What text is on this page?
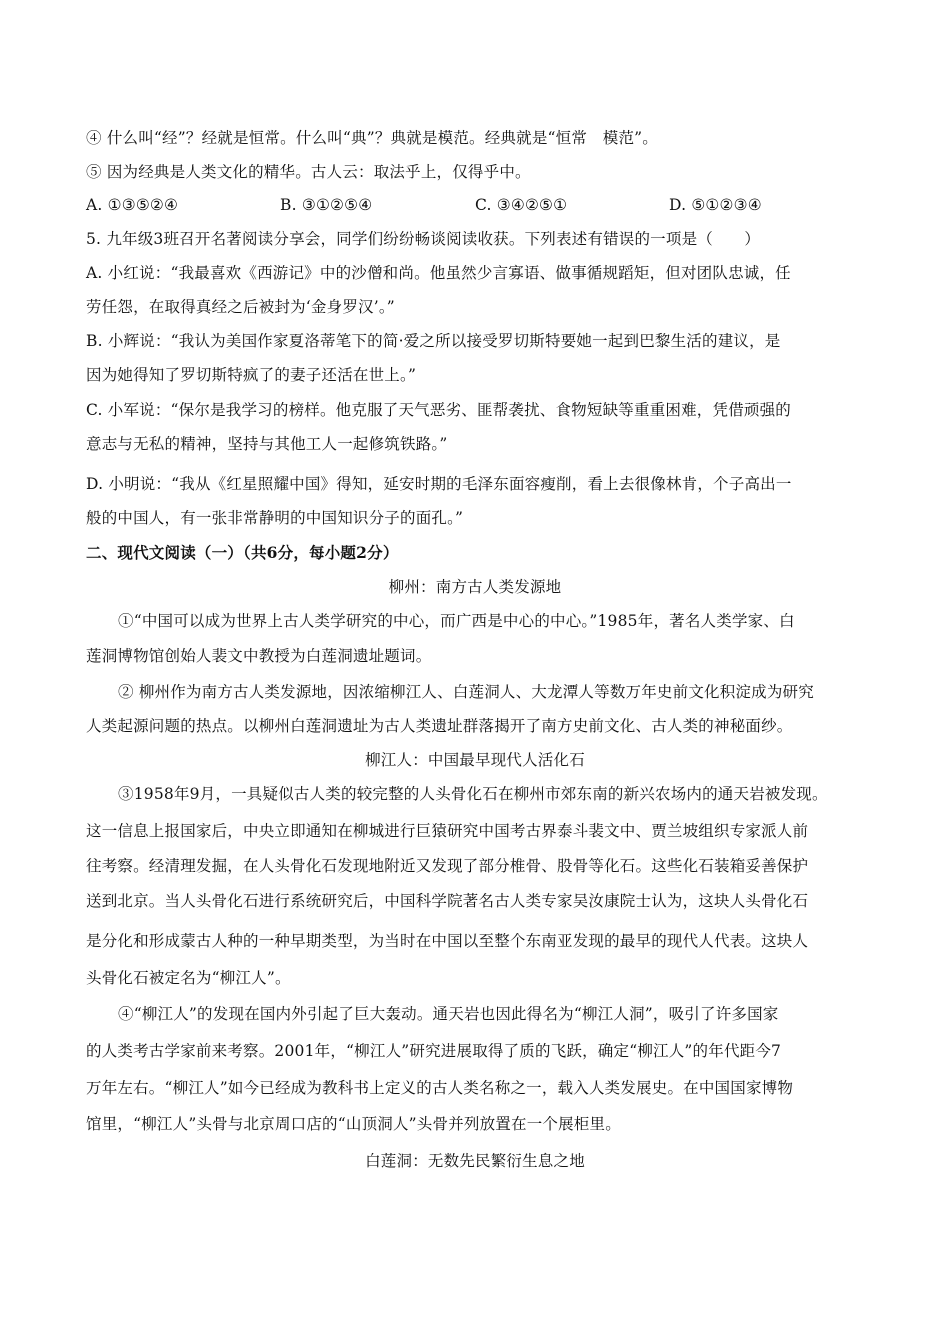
④ 什么叫“经”？经就是恒常。什么叫“典”？典就是模范。经典就是“恒常　模范”。
⑤ 因为经典是人类文化的精华。古人云：取法乎上，仅得乎中。
A. ①③⑤②④	B. ③①②⑤④	C. ③④②⑤①	D. ⑤①②③④
5. 九年级3班召开名著阅读分享会，同学们纷纷畅谈阅读收获。下列表述有错误的一项是（　　）
A. 小红说：“我最喜欢《西游记》中的沙僧和尚。他虽然少言寡语、做事循规蹈矩，但对团队忠诚，任
劳任怨，在取得真经之后被封为‘金身罗汉’。”
B. 小辉说：“我认为美国作家夏洛蒂笔下的简·爱之所以接受罗切斯特要她一起到巴黎生活的建议，是
因为她得知了罗切斯特疯了的妻子还活在世上。”
C. 小军说：“保尔是我学习的榜样。他克服了天气恶劣、匪帮袭扰、食物短缺等重重困难，凭借顽强的
意志与无私的精神，坚持与其他工人一起修筑铁路。”
D. 小明说：“我从《红星照耀中国》得知，延安时期的毛泽东面容瘦削，看上去很像林肯，个子高出一
般的中国人，有一张非常静明的中国知识分子的面孔。”
二、现代文阅读（一）（共6分，每小题2分）
柳州：南方古人类发源地
①“中国可以成为世界上古人类学研究的中心，而广西是中心的中心。”1985年，著名人类学家、白
莲洞博物馆创始人裴文中教授为白莲洞遗址题词。
② 柳州作为南方古人类发源地，因浓缩柳江人、白莲洞人、大龙潭人等数万年史前文化积淀成为研究
人类起源问题的热点。以柳州白莲洞遗址为古人类遗址群落揭开了南方史前文化、古人类的神秘面纱。
柳江人：中国最早现代人活化石
③1958年9月，一具疑似古人类的较完整的人头骨化石在柳州市郊东南的新兴农场内的通天岩被发现。
这一信息上报国家后，中央立即通知在柳城进行巨猿研究中国考古界泰斗裴文中、贾兰坡组织专家派人前
往考察。经清理发掘，在人头骨化石发现地附近又发现了部分椎骨、股骨等化石。这些化石装箱妥善保护
送到北京。当人头骨化石进行系统研究后，中国科学院著名古人类专家吴汝康院士认为，这块人头骨化石
是分化和形成蒙古人种的一种早期类型，为当时在中国以至整个东南亚发现的最早的现代人代表。这块人
头骨化石被定名为“柳江人”。
④“柳江人”的发现在国内外引起了巨大轰动。通天岩也因此得名为“柳江人洞”，吸引了许多国家
的人类考古学家前来考察。2001年，“柳江人”研究进展取得了质的飞跃，确定“柳江人”的年代距今7
万年左右。“柳江人”如今已经成为教科书上定义的古人类名称之一，载入人类发展史。在中国国家博物
馆里，“柳江人”头骨与北京周口店的“山顶洞人”头骨并列放置在一个展柜里。
白莲洞：无数先民繁衍生息之地
